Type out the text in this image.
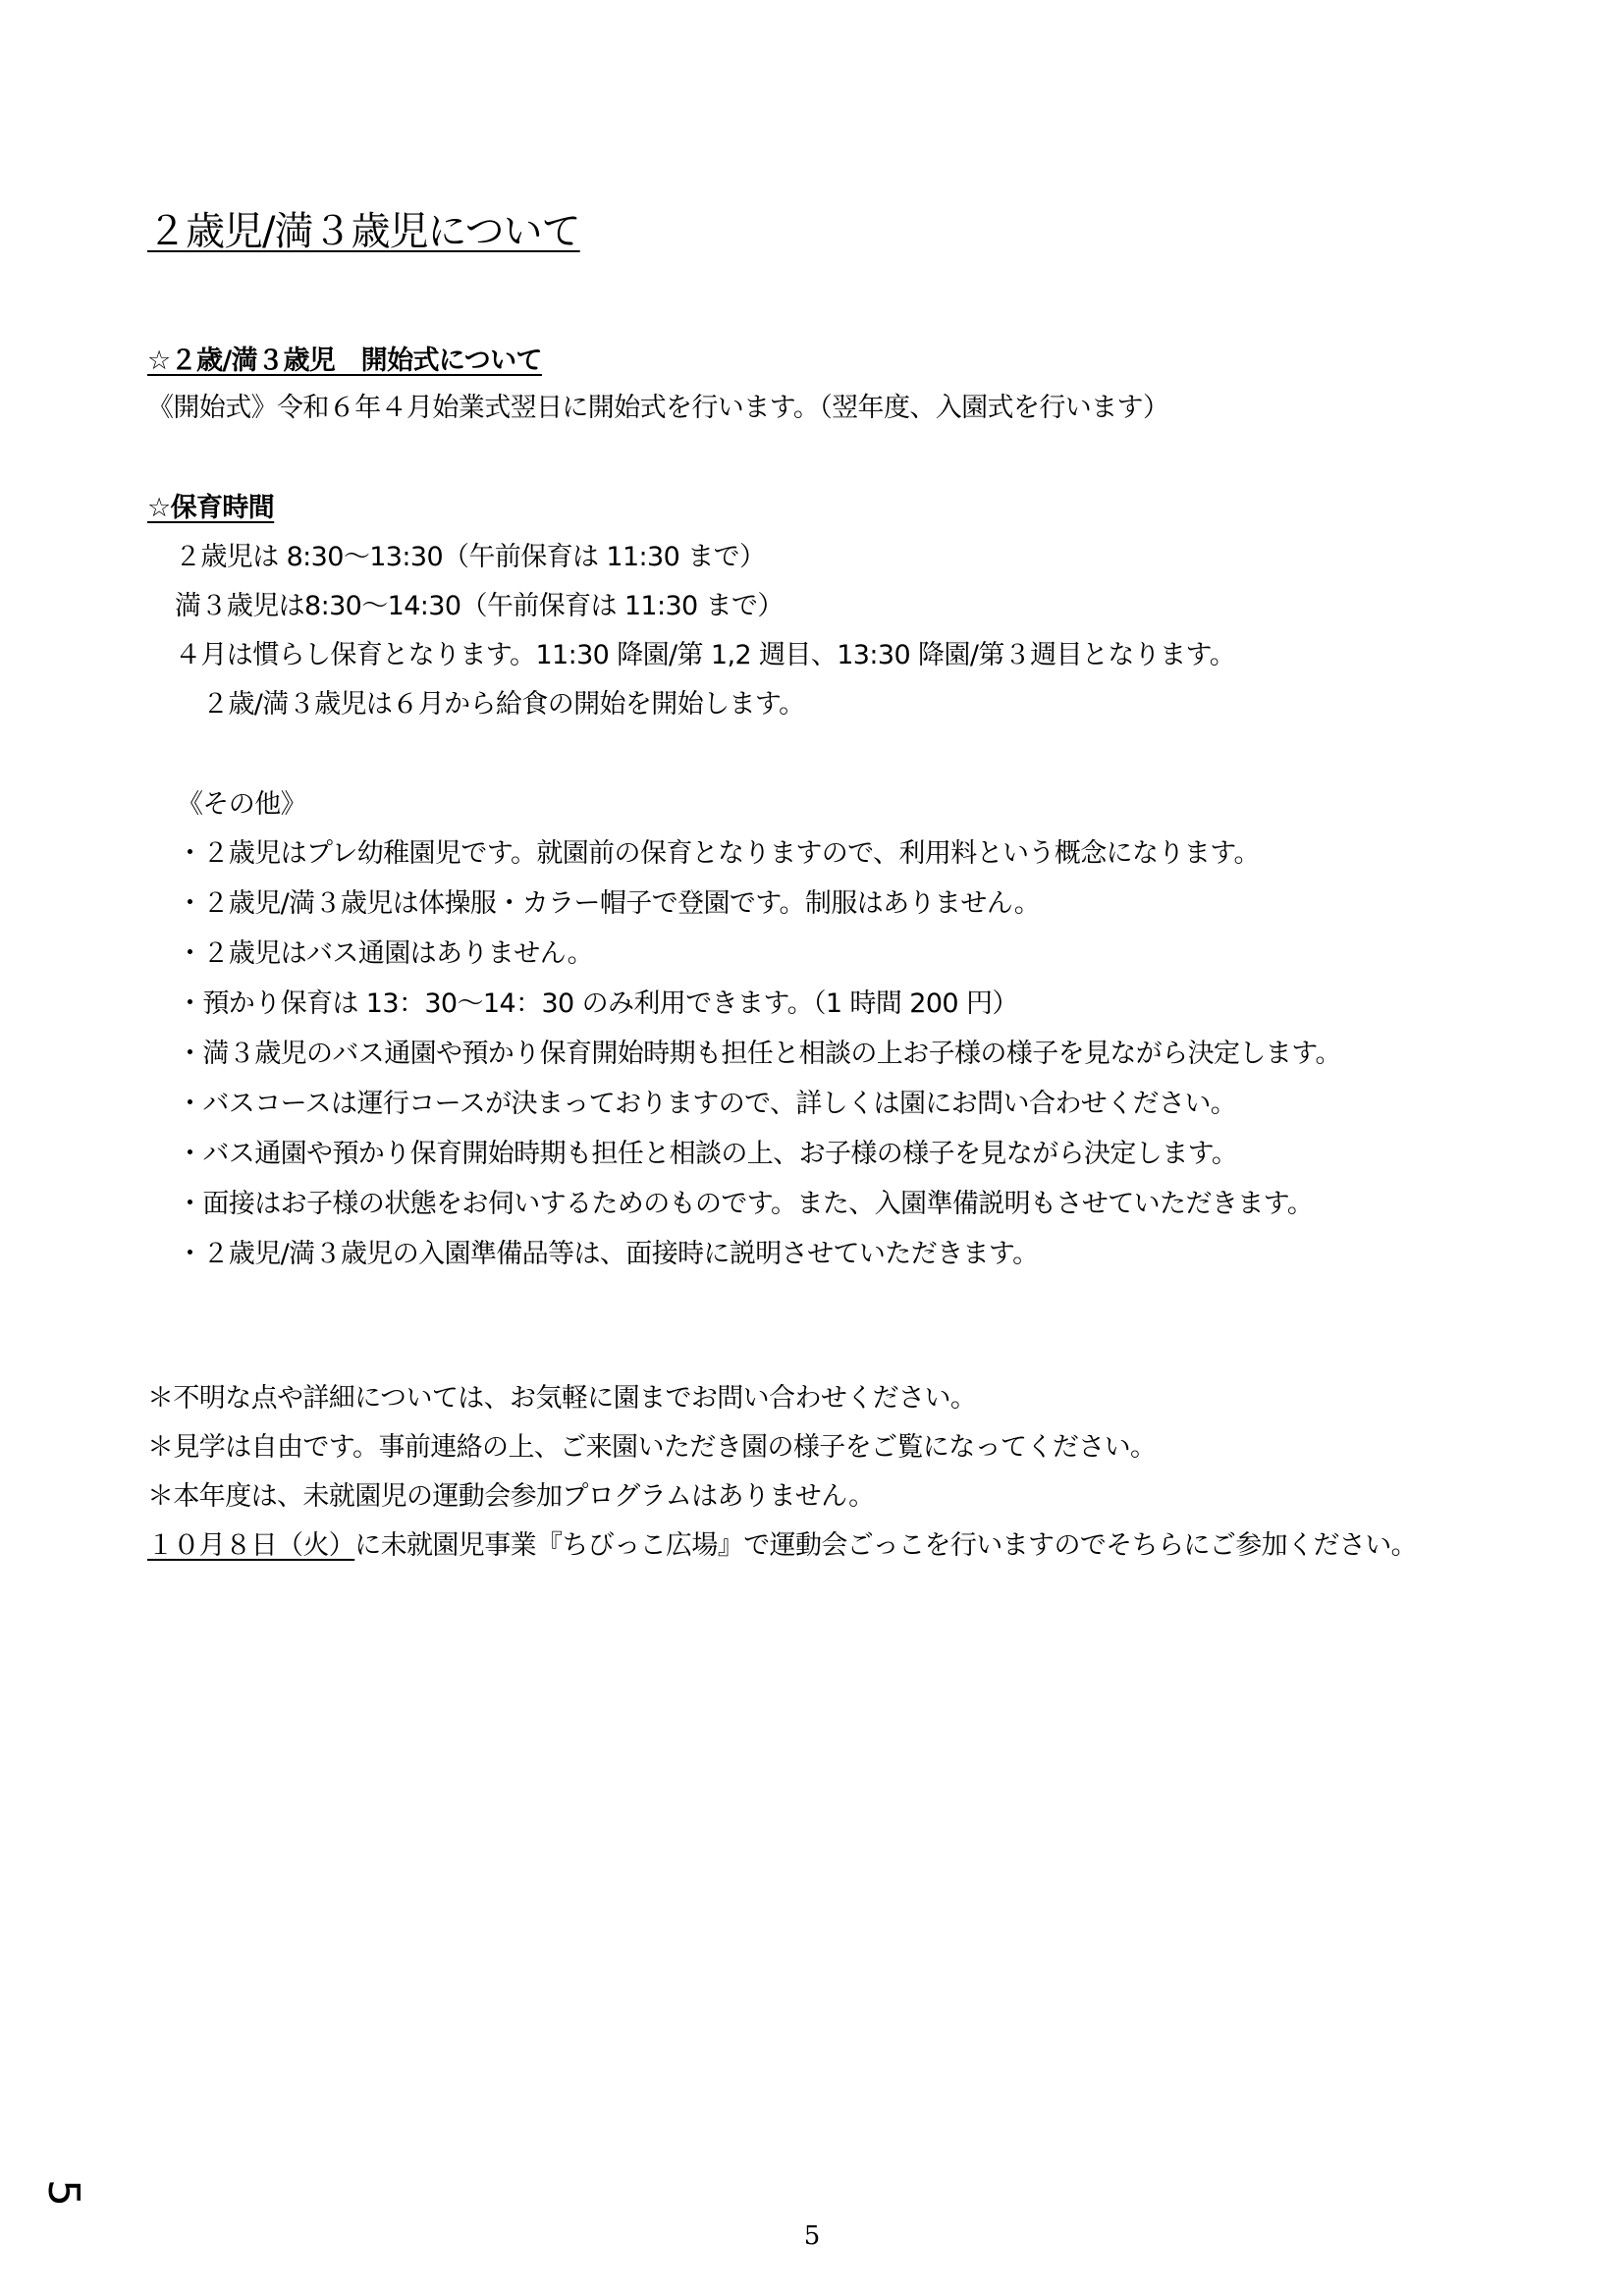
２歳児/満３歳児について
☆２歳/満３歳児　開始式について
《開始式》令和６年４月始業式翌日に開始式を行います。（翌年度、入園式を行います）
☆保育時間
２歳児は 8:30〜13:30（午前保育は 11:30 まで）
満３歳児は8:30〜14:30（午前保育は 11:30 まで）
４月は慣らし保育となります。11:30 降園/第 1,2 週目、13:30 降園/第３週目となります。
２歳/満３歳児は６月から給食の開始を開始します。
《その他》
・２歳児はプレ幼稚園児です。就園前の保育となりますので、利用料という概念になります。
・２歳児/満３歳児は体操服・カラー帽子で登園です。制服はありません。
・２歳児はバス通園はありません。
・預かり保育は 13：30〜14：30 のみ利用できます。（1 時間 200 円）
・満３歳児のバス通園や預かり保育開始時期も担任と相談の上お子様の様子を見ながら決定します。
・バスコースは運行コースが決まっておりますので、詳しくは園にお問い合わせください。
・バス通園や預かり保育開始時期も担任と相談の上、お子様の様子を見ながら決定します。
・面接はお子様の状態をお伺いするためのものです。また、入園準備説明もさせていただきます。
・２歳児/満３歳児の入園準備品等は、面接時に説明させていただきます。
＊不明な点や詳細については、お気軽に園までお問い合わせください。
＊見学は自由です。事前連絡の上、ご来園いただき園の様子をご覧になってください。
＊本年度は、未就園児の運動会参加プログラムはありません。
１０月８日（火）に未就園児事業『ちびっこ広場』で運動会ごっこを行いますのでそちらにご参加ください。
5
5
